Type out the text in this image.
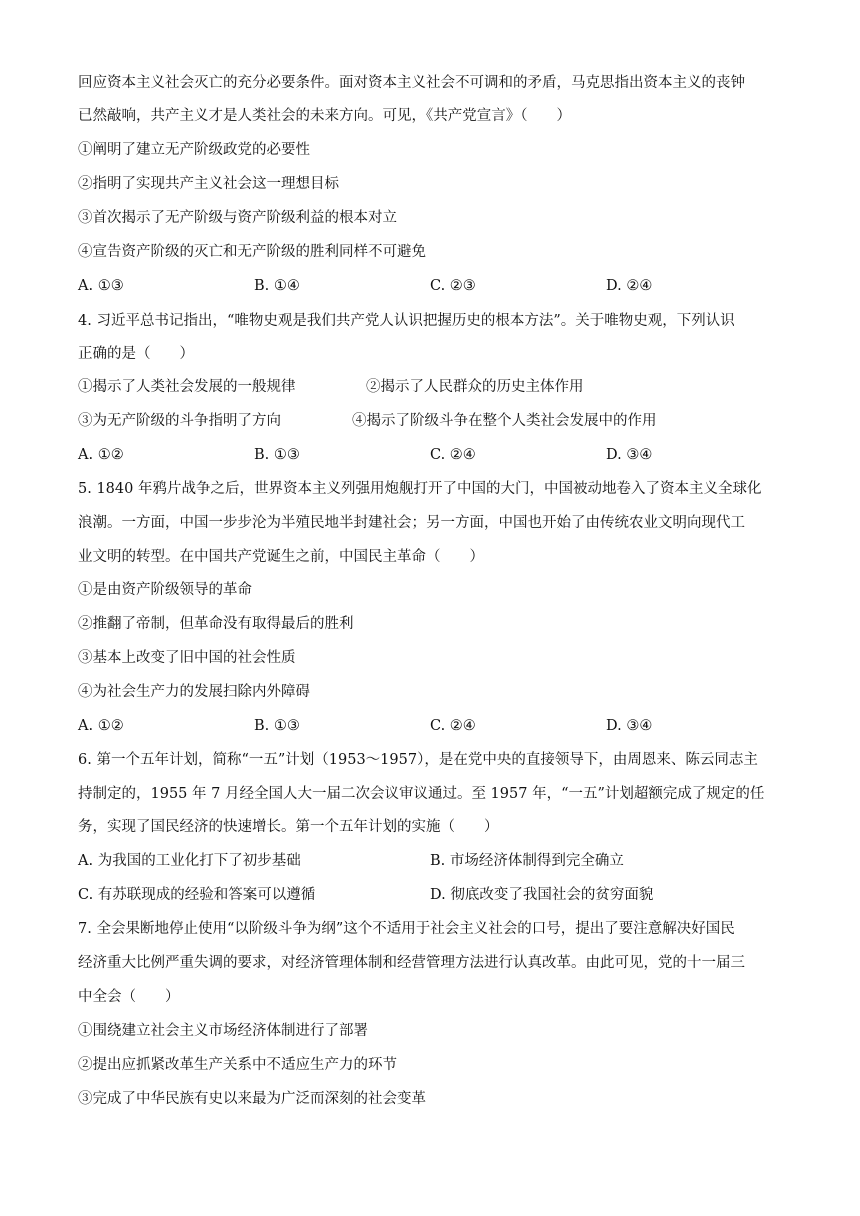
回应资本主义社会灭亡的充分必要条件。面对资本主义社会不可调和的矛盾，马克思指出资本主义的丧钟
已然敲响，共产主义才是人类社会的未来方向。可见，《共产党宣言》（　　）
①阐明了建立无产阶级政党的必要性
②指明了实现共产主义社会这一理想目标
③首次揭示了无产阶级与资产阶级利益的根本对立
④宣告资产阶级的灭亡和无产阶级的胜利同样不可避免
A. ①③	B. ①④	C. ②③	D. ②④
4. 习近平总书记指出，“唯物史观是我们共产党人认识把握历史的根本方法”。关于唯物史观，下列认识
正确的是（　　）
①揭示了人类社会发展的一般规律	②揭示了人民群众的历史主体作用
③为无产阶级的斗争指明了方向	④揭示了阶级斗争在整个人类社会发展中的作用
A. ①②	B. ①③	C. ②④	D. ③④
5. 1840 年鸦片战争之后，世界资本主义列强用炮舰打开了中国的大门，中国被动地卷入了资本主义全球化
浪潮。一方面，中国一步步沦为半殖民地半封建社会；另一方面，中国也开始了由传统农业文明向现代工
业文明的转型。在中国共产党诞生之前，中国民主革命（　　）
①是由资产阶级领导的革命
②推翻了帝制，但革命没有取得最后的胜利
③基本上改变了旧中国的社会性质
④为社会生产力的发展扫除内外障碍
A. ①②	B. ①③	C. ②④	D. ③④
6. 第一个五年计划，简称“一五”计划（1953～1957），是在党中央的直接领导下，由周恩来、陈云同志主
持制定的，1955 年 7 月经全国人大一届二次会议审议通过。至 1957 年，“一五”计划超额完成了规定的任
务，实现了国民经济的快速增长。第一个五年计划的实施（　　）
A. 为我国的工业化打下了初步基础	B. 市场经济体制得到完全确立
C. 有苏联现成的经验和答案可以遵循	D. 彻底改变了我国社会的贫穷面貌
7. 全会果断地停止使用“以阶级斗争为纲”这个不适用于社会主义社会的口号，提出了要注意解决好国民
经济重大比例严重失调的要求，对经济管理体制和经营管理方法进行认真改革。由此可见，党的十一届三
中全会（　　）
①围绕建立社会主义市场经济体制进行了部署
②提出应抓紧改革生产关系中不适应生产力的环节
③完成了中华民族有史以来最为广泛而深刻的社会变革
